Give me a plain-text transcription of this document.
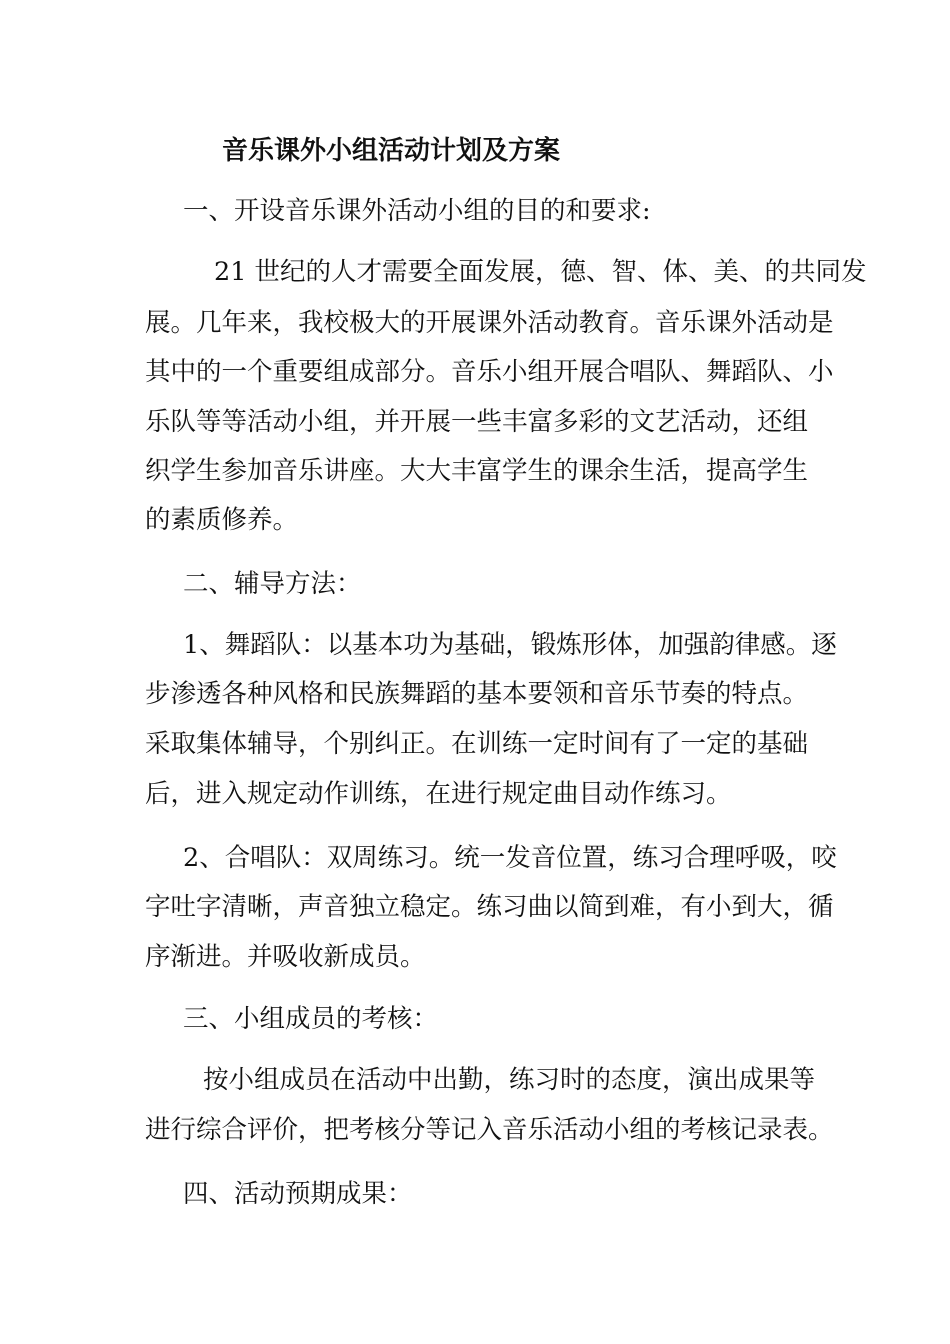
音乐课外小组活动计划及方案
一、开设音乐课外活动小组的目的和要求:
21 世纪的人才需要全面发展，德、智、体、美、的共同发
展。几年来，我校极大的开展课外活动教育。音乐课外活动是
其中的一个重要组成部分。音乐小组开展合唱队、舞蹈队、小
乐队等等活动小组，并开展一些丰富多彩的文艺活动，还组
织学生参加音乐讲座。大大丰富学生的课余生活，提高学生
的素质修养。
二、辅导方法：
1、舞蹈队：以基本功为基础，锻炼形体，加强韵律感。逐
步渗透各种风格和民族舞蹈的基本要领和音乐节奏的特点。
采取集体辅导，个别纠正。在训练一定时间有了一定的基础
后，进入规定动作训练，在进行规定曲目动作练习。
2、合唱队：双周练习。统一发音位置，练习合理呼吸，咬
字吐字清晰，声音独立稳定。练习曲以简到难，有小到大，循
序渐进。并吸收新成员。
三、小组成员的考核：
按小组成员在活动中出勤，练习时的态度，演出成果等
进行综合评价，把考核分等记入音乐活动小组的考核记录表。
四、活动预期成果：
